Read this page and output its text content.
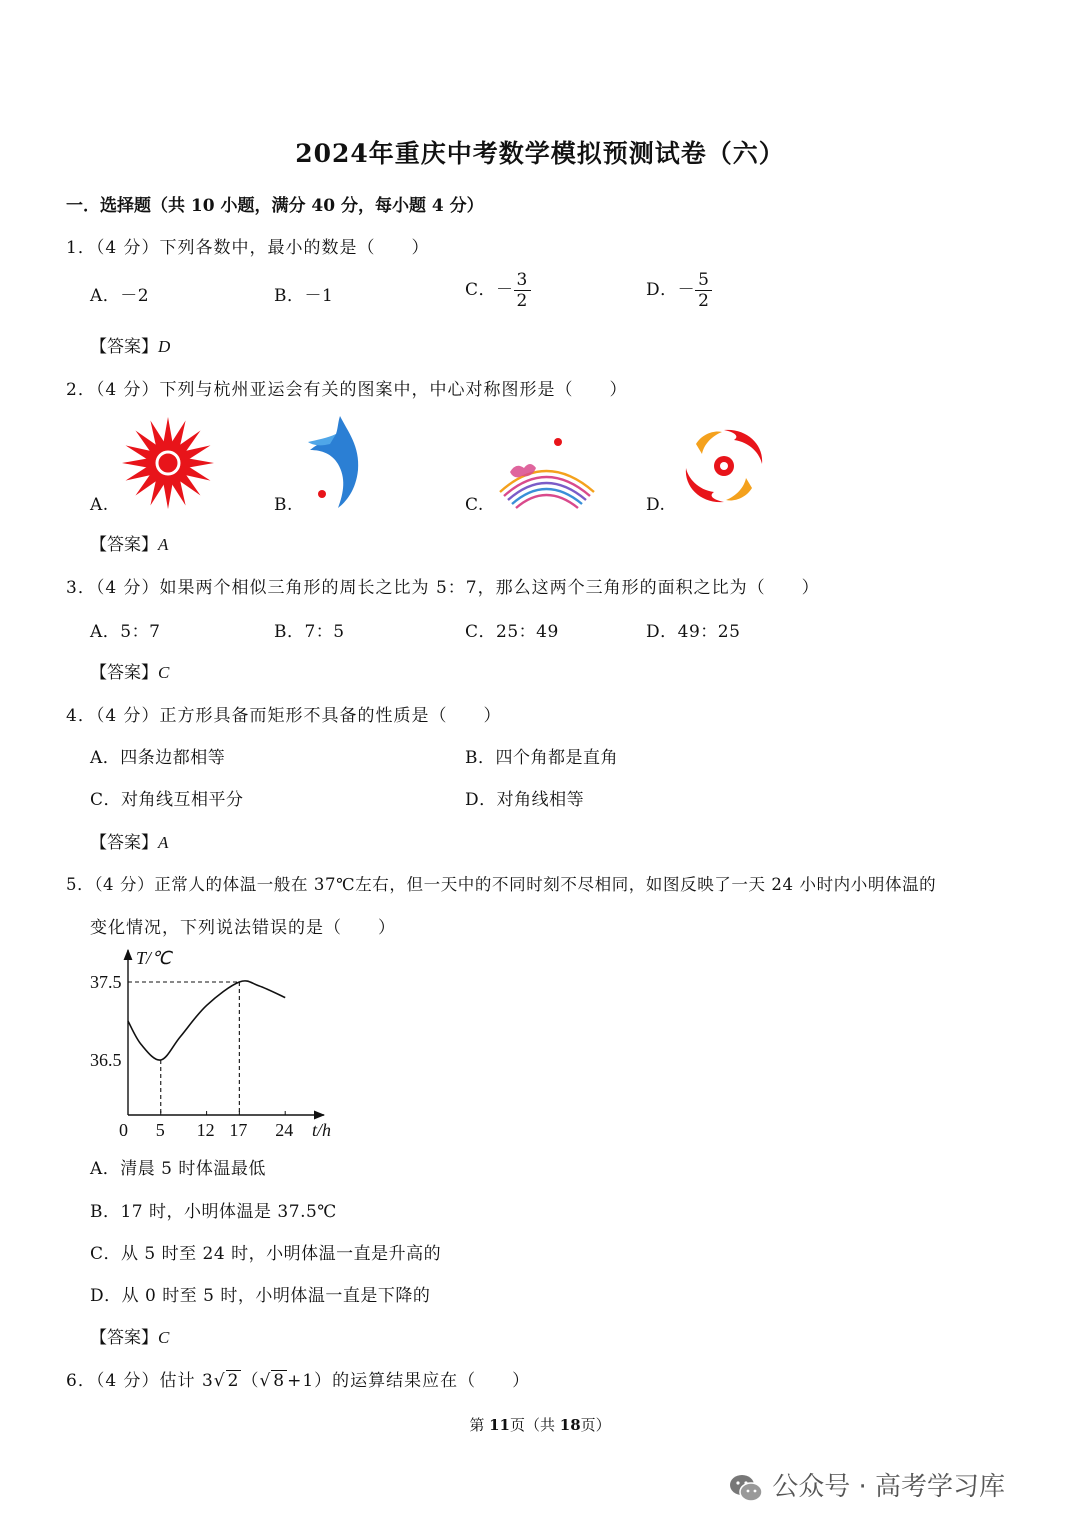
2024年重庆中考数学模拟预测试卷（六）
一．选择题（共 10 小题，满分 40 分，每小题 4 分）
1．（4 分）下列各数中，最小的数是（　　）
A．－2	B．－1	C．－ $\frac{3}{2}$	D．－ $\frac{5}{2}$
【答案】D
2．（4 分）下列与杭州亚运会有关的图案中，中心对称图形是（　　）
A.	B.	C.	D.
【答案】A
3．（4 分）如果两个相似三角形的周长之比为 5：7，那么这两个三角形的面积之比为（　　）
A．5：7	B．7：5	C．25：49	D．49：25
【答案】C
4．（4 分）正方形具备而矩形不具备的性质是（　　）
A．四条边都相等	B．四个角都是直角
C．对角线互相平分	D．对角线相等
【答案】A
5．（4 分）正常人的体温一般在 37℃左右，但一天中的不同时刻不尽相同，如图反映了一天 24 小时内小明体温的
变化情况，下列说法错误的是（　　）
0 5 12 17 24
36.5
37.5
T/℃
t/h
A．清晨 5 时体温最低
B．17 时，小明体温是 37.5℃
C．从 5 时至 24 时，小明体温一直是升高的
D．从 0 时至 5 时，小明体温一直是下降的
【答案】C
6．（4 分）估计 3√ 2 （√ 8 +1）的运算结果应在（　　）
第 11页（共 18页）
公众号 · 高考学习库
